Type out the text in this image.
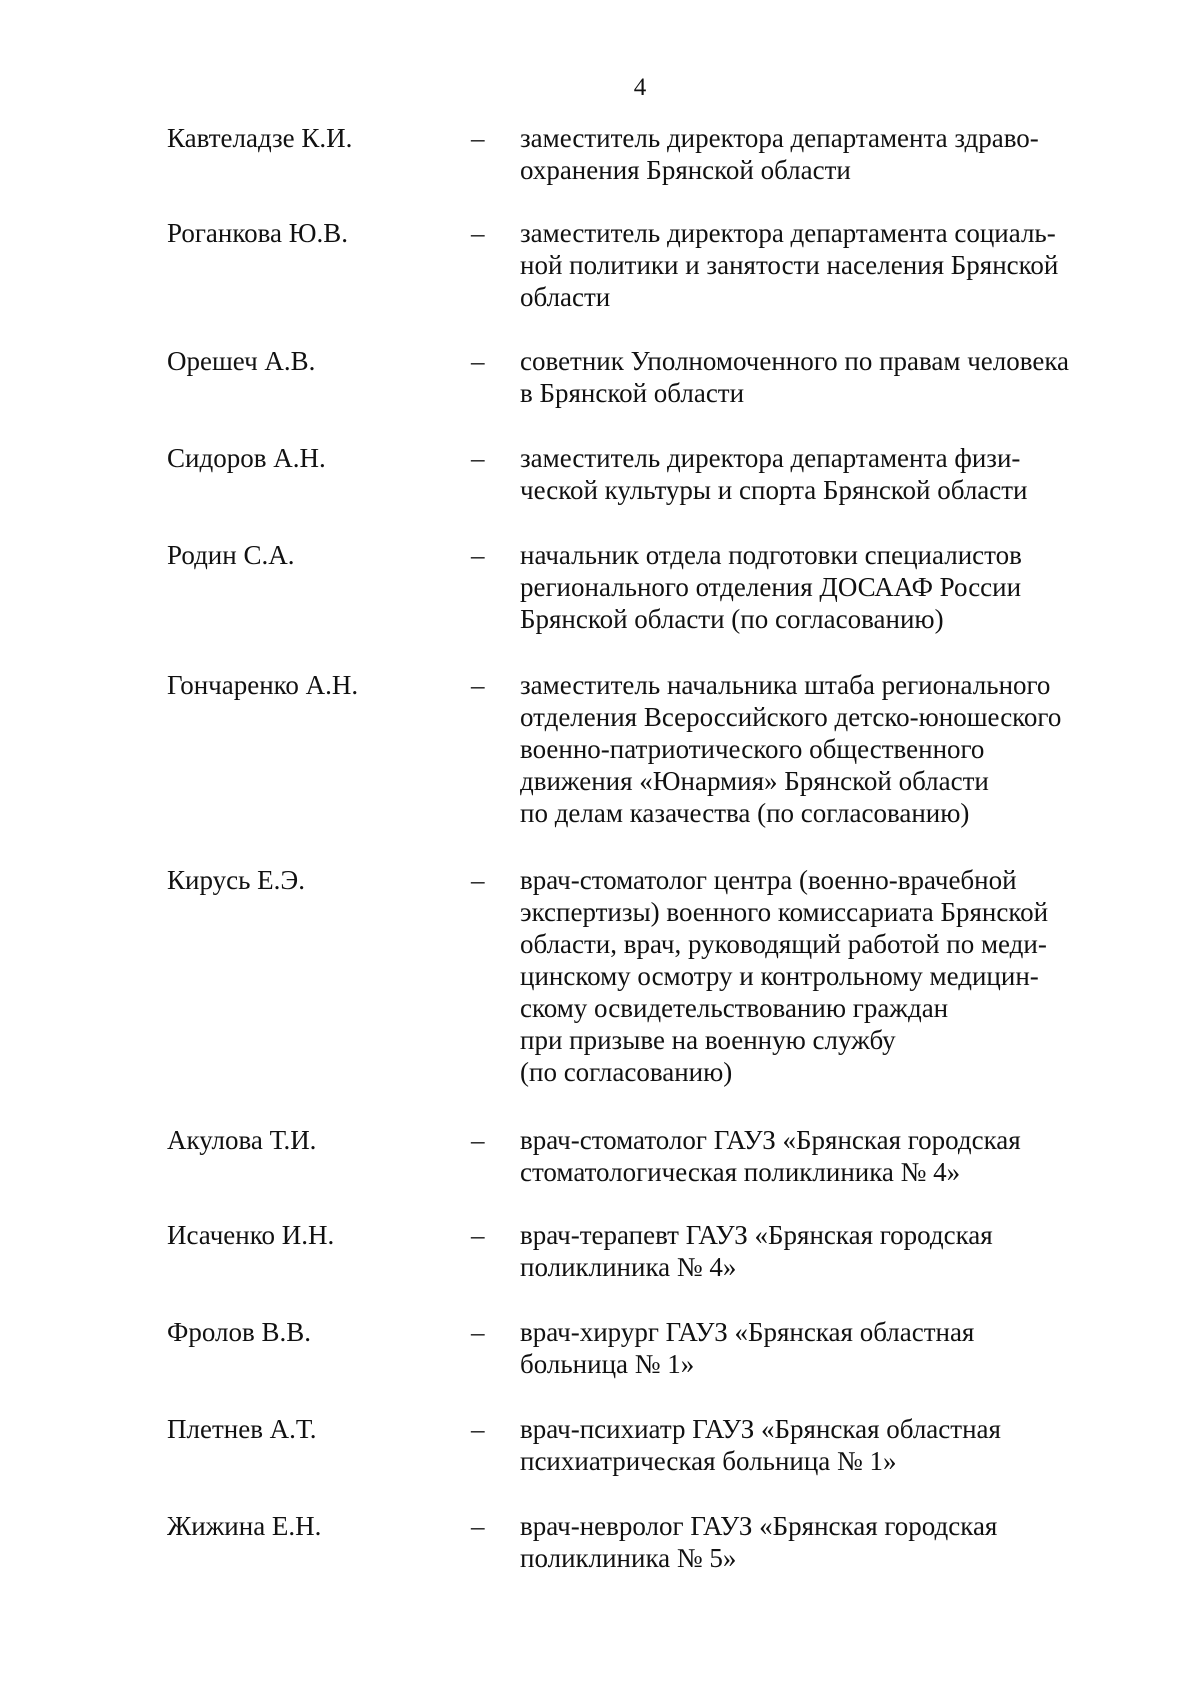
4
Кавтеладзе К.И.	– заместитель директора департамента здраво-
охранения Брянской области
Роганкова Ю.В.	– заместитель директора департамента социаль-
ной политики и занятости населения Брянской
области
Орешеч А.В.	– советник Уполномоченного по правам человека
в Брянской области
Сидоров А.Н.	– заместитель директора департамента физи-
ческой культуры и спорта Брянской области
Родин С.А.	– начальник отдела подготовки специалистов
регионального отделения ДОСААФ России
Брянской области (по согласованию)
Гончаренко А.Н.	– заместитель начальника штаба регионального
отделения Всероссийского детско-юношеского
военно-патриотического общественного
движения «Юнармия» Брянской области
по делам казачества (по согласованию)
Кирусь Е.Э.	– врач-стоматолог центра (военно-врачебной
экспертизы) военного комиссариата Брянской
области, врач, руководящий работой по меди-
цинскому осмотру и контрольному медицин-
скому освидетельствованию граждан
при призыве на военную службу
(по согласованию)
Акулова Т.И.	– врач-стоматолог ГАУЗ «Брянская городская
стоматологическая поликлиника № 4»
Исаченко И.Н.	– врач-терапевт ГАУЗ «Брянская городская
поликлиника № 4»
Фролов В.В.	– врач-хирург ГАУЗ «Брянская областная
больница № 1»
Плетнев А.Т.	– врач-психиатр ГАУЗ «Брянская областная
психиатрическая больница № 1»
Жижина Е.Н.	– врач-невролог ГАУЗ «Брянская городская
поликлиника № 5»
